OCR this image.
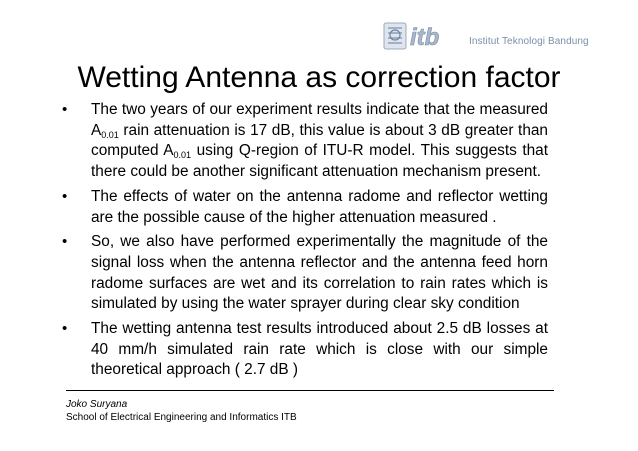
itb	Institut Teknologi Bandung
Wetting Antenna as correction factor
• The two years of our experiment results indicate that the measured $A_{0.01}$ rain attenuation is 17 dB, this value is about 3 dB greater than computed $A_{0.01}$ using Q-region of ITU-R model. This suggests that there could be another significant attenuation mechanism present.
• The effects of water on the antenna radome and reflector wetting are the possible cause of the higher attenuation measured .
• So, we also have performed experimentally the magnitude of the signal loss when the antenna reflector and the antenna feed horn radome surfaces are wet and its correlation to rain rates which is simulated by using the water sprayer during clear sky condition
• The wetting antenna test results introduced about 2.5 dB losses at 40 mm/h simulated rain rate which is close with our simple theoretical approach ( 2.7 dB )
Joko Suryana
School of Electrical Engineering and Informatics ITB
